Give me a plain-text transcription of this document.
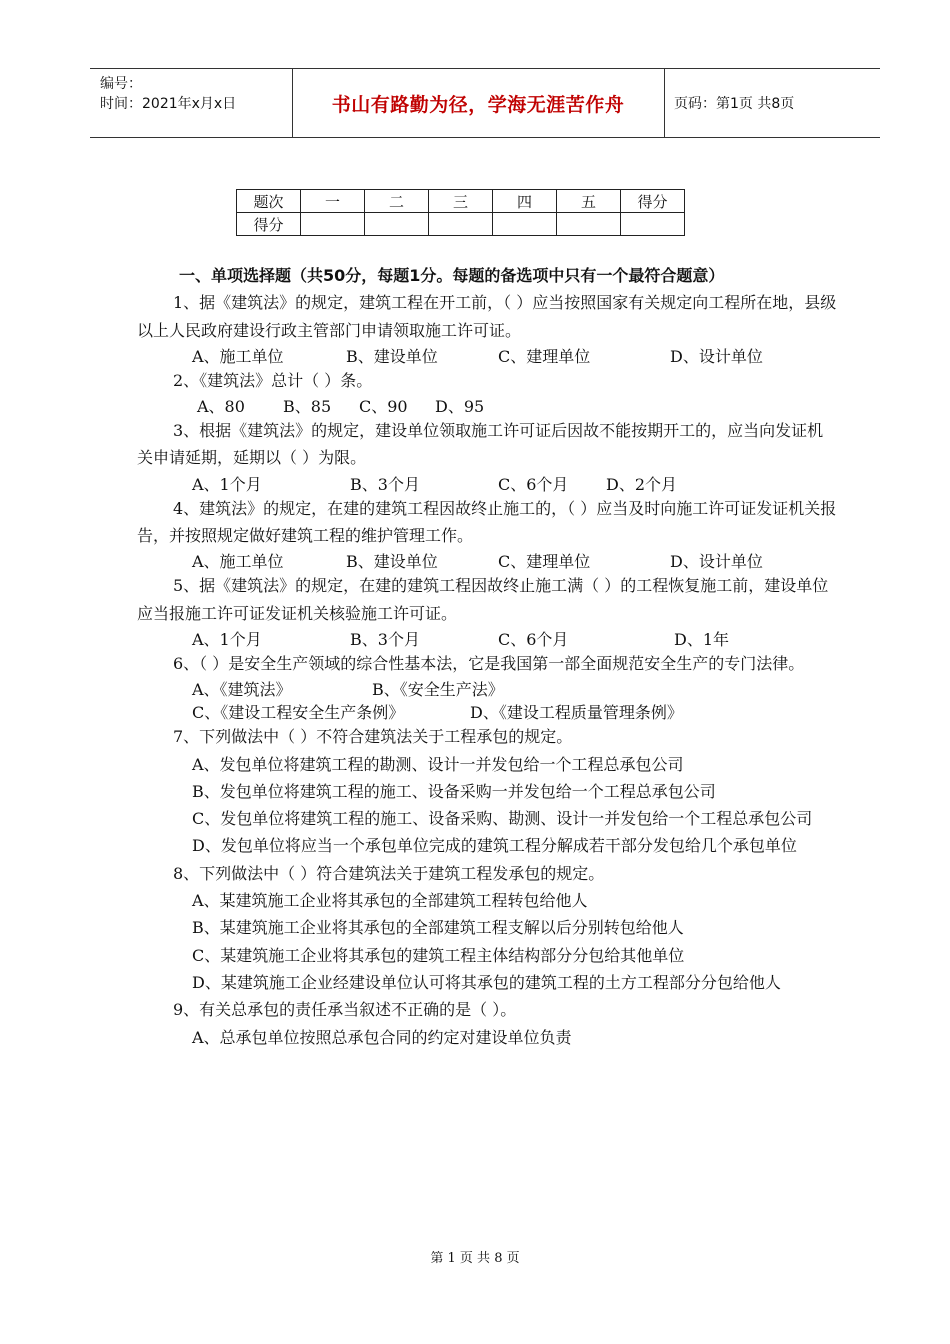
编号：
时间：2021年x月x日	书山有路勤为径，学海无涯苦作舟	页码：第1页 共8页
题次	一	二	三	四	五	得分
得分						

一、单项选择题（共50分，每题1分。每题的备选项中只有一个最符合题意）

1、据《建筑法》的规定，建筑工程在开工前，（ ）应当按照国家有关规定向工程所在地，县级以上人民政府建设行政主管部门申请领取施工许可证。

A、施工单位	B、建设单位	C、建理单位	D、设计单位

2、《建筑法》总计（ ）条。

A、80	B、85	C、90	D、95

3、根据《建筑法》的规定，建设单位领取施工许可证后因故不能按期开工的，应当向发证机关申请延期，延期以（ ）为限。

A、1个月	B、3个月	C、6个月	D、2个月

4、建筑法》的规定，在建的建筑工程因故终止施工的，（ ）应当及时向施工许可证发证机关报告，并按照规定做好建筑工程的维护管理工作。

A、施工单位	B、建设单位	C、建理单位	D、设计单位

5、据《建筑法》的规定，在建的建筑工程因故终止施工满（ ）的工程恢复施工前，建设单位应当报施工许可证发证机关核验施工许可证。

A、1个月	B、3个月	C、6个月	D、1年

6、（ ）是安全生产领域的综合性基本法，它是我国第一部全面规范安全生产的专门法律。

A、《建筑法》	B、《安全生产法》
C、《建设工程安全生产条例》	D、《建设工程质量管理条例》

7、下列做法中（ ）不符合建筑法关于工程承包的规定。

A、发包单位将建筑工程的勘测、设计一并发包给一个工程总承包公司

B、发包单位将建筑工程的施工、设备采购一并发包给一个工程总承包公司

C、发包单位将建筑工程的施工、设备采购、勘测、设计一并发包给一个工程总承包公司

D、发包单位将应当一个承包单位完成的建筑工程分解成若干部分发包给几个承包单位

8、下列做法中（ ）符合建筑法关于建筑工程发承包的规定。

A、某建筑施工企业将其承包的全部建筑工程转包给他人

B、某建筑施工企业将其承包的全部建筑工程支解以后分别转包给他人

C、某建筑施工企业将其承包的建筑工程主体结构部分分包给其他单位

D、某建筑施工企业经建设单位认可将其承包的建筑工程的土方工程部分分包给他人

9、有关总承包的责任承当叙述不正确的是（ ）。

A、总承包单位按照总承包合同的约定对建设单位负责

第 1 页 共 8 页
